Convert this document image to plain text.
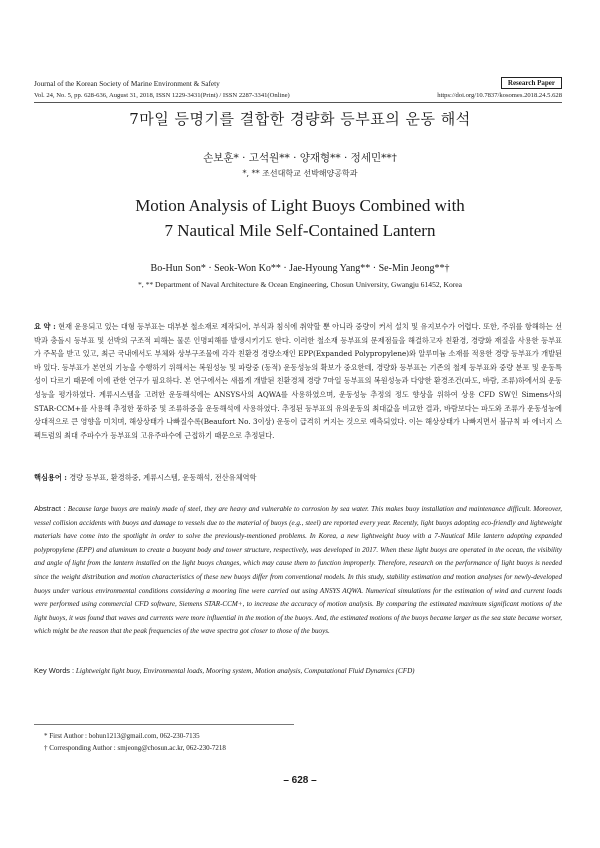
Journal of the Korean Society of Marine Environment & Safety	Research Paper
Vol. 24, No. 5, pp. 628-636, August 31, 2018, ISSN 1229-3431(Print) / ISSN 2287-3341(Online)	https://doi.org/10.7837/kosomes.2018.24.5.628
7마일 등명기를 결합한 경량화 등부표의 운동 해석
손보훈* · 고석원** · 양재형** · 정세민**†
*, ** 조선대학교 선박해양공학과
Motion Analysis of Light Buoys Combined with
7 Nautical Mile Self-Contained Lantern
Bo-Hun Son* · Seok-Won Ko** · Jae-Hyoung Yang** · Se-Min Jeong**†
*, ** Department of Naval Architecture & Ocean Engineering, Chosun University, Gwangju 61452, Korea
요 약 : 현재 운용되고 있는 대형 등부표는 대부분 철소재로 제작되어, 부식과 침식에 취약할 뿐 아니라 중량이 커서 설치 및 유지보수가 어렵다. 또한, 주위를 항해하는 선박과 충돌시 등부표 및 선박의 구조적 피해는 물론 인명피해를 발생시키기도 한다. 이러한 철소재 등부표의 문제점들을 해결하고자 친환경, 경량화 재질을 사용한 등부표가 주목을 받고 있고, 최근 국내에서도 부체와 상부구조물에 각각 친환경 경량소재인 EPP(Expanded Polypropylene)와 알루미늄 소재를 적용한 경량 등부표가 개발된 바 있다. 등부표가 본연의 기능을 수행하기 위해서는 복원성능 및 파랑중 (동적) 운동성능의 확보가 중요한데, 경량화 등부표는 기존의 철제 등부표와 중량 분포 및 운동특성이 다르기 때문에 이에 관한 연구가 필요하다. 본 연구에서는 새롭게 개발된 친환경체 경량 7마일 등부표의 복원성능과 다양한 환경조건(파도, 바람, 조류)하에서의 운동성능을 평가하였다. 계류시스템을 고려한 운동해석에는 ANSYS사의 AQWA를 사용하였으며, 운동성능 추정의 정도 향상을 위하여 상용 CFD SW인 Simens사의 STAR-CCM+를 사용해 추정한 풍하중 및 조류하중을 운동해석에 사용하였다. 추정된 등부표의 유의운동의 최대값을 비교한 결과, 바람보다는 파도와 조류가 운동성능에 상대적으로 큰 영향을 미치며, 해상상태가 나빠질수록(Beaufort No. 3이상) 운동이 급격히 커지는 것으로 예측되었다. 이는 해상상태가 나빠지면서 불규칙 파 에너지 스펙트럼의 최대 주파수가 등부표의 고유주파수에 근접하기 때문으로 추정된다.
핵심용어 : 경량 등부표, 환경하중, 계류시스템, 운동해석, 전산유체역학
Abstract : Because large buoys are mainly made of steel, they are heavy and vulnerable to corrosion by sea water. This makes buoy installation and maintenance difficult. Moreover, vessel collision accidents with buoys and damage to vessels due to the material of buoys (e.g., steel) are reported every year. Recently, light buoys adopting eco-friendly and lightweight materials have come into the spotlight in order to solve the previously-mentioned problems. In Korea, a new lightweight buoy with a 7-Nautical Mile lantern adopting expanded polypropylene (EPP) and aluminum to create a buoyant body and tower structure, respectively, was developed in 2017. When these light buoys are operated in the ocean, the visibility and angle of light from the lantern installed on the light buoys changes, which may cause them to function improperly. Therefore, research on the performance of light buoys is needed since the weight distribution and motion characteristics of these new buoys differ from conventional models. In this study, stability estimation and motion analyses for newly-developed buoys under various environmental conditions considering a mooring line were carried out using ANSYS AQWA. Numerical simulations for the estimation of wind and current loads were performed using commercial CFD software, Siemens STAR-CCM+, to increase the accuracy of motion analysis. By comparing the estimated maximum significant motions of the light buoys, it was found that waves and currents were more influential in the motion of the buoys. And, the estimated motions of the buoys became larger as the sea state became worser, which might be the reason that the peak frequencies of the wave spectra got closer to those of the buoys.
Key Words : Lightweight light buoy, Environmental loads, Mooring system, Motion analysis, Computational Fluid Dynamics (CFD)
* First Author : bohun1213@gmail.com, 062-230-7135
† Corresponding Author : smjeong@chosun.ac.kr, 062-230-7218
– 628 –
